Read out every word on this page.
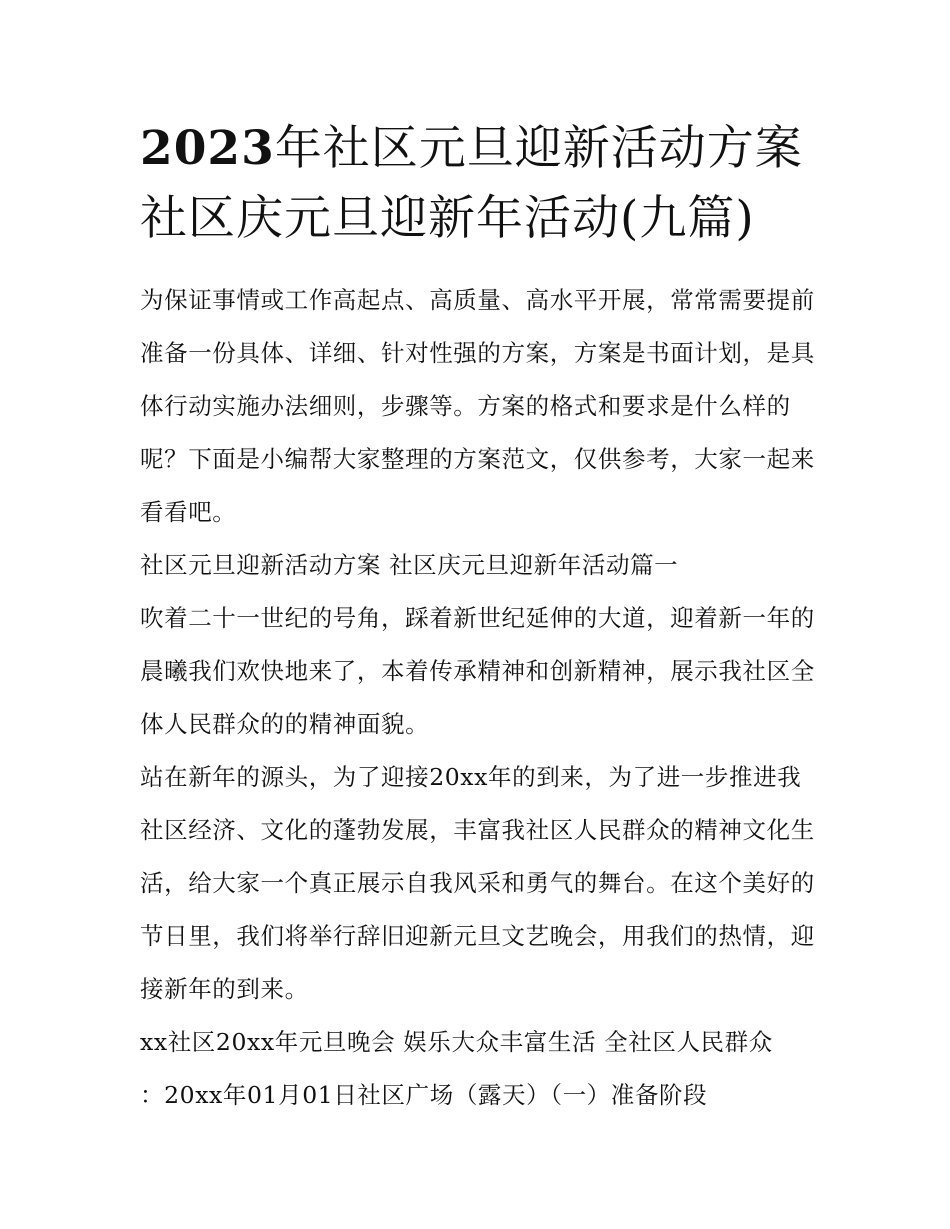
2023年社区元旦迎新活动方案社区庆元旦迎新年活动(九篇)

为保证事情或工作高起点、高质量、高水平开展，常常需要提前准备一份具体、详细、针对性强的方案，方案是书面计划，是具体行动实施办法细则，步骤等。方案的格式和要求是什么样的呢？下面是小编帮大家整理的方案范文，仅供参考，大家一起来看看吧。

社区元旦迎新活动方案 社区庆元旦迎新年活动篇一

吹着二十一世纪的号角，踩着新世纪延伸的大道，迎着新一年的晨曦我们欢快地来了，本着传承精神和创新精神，展示我社区全体人民群众的的精神面貌。

站在新年的源头，为了迎接20xx年的到来，为了进一步推进我社区经济、文化的蓬勃发展，丰富我社区人民群众的精神文化生活，给大家一个真正展示自我风采和勇气的舞台。在这个美好的节日里，我们将举行辞旧迎新元旦文艺晚会，用我们的热情，迎接新年的到来。

xx社区20xx年元旦晚会 娱乐大众丰富生活 全社区人民群众

：20xx年01月01日社区广场（露天）（一）准备阶段
